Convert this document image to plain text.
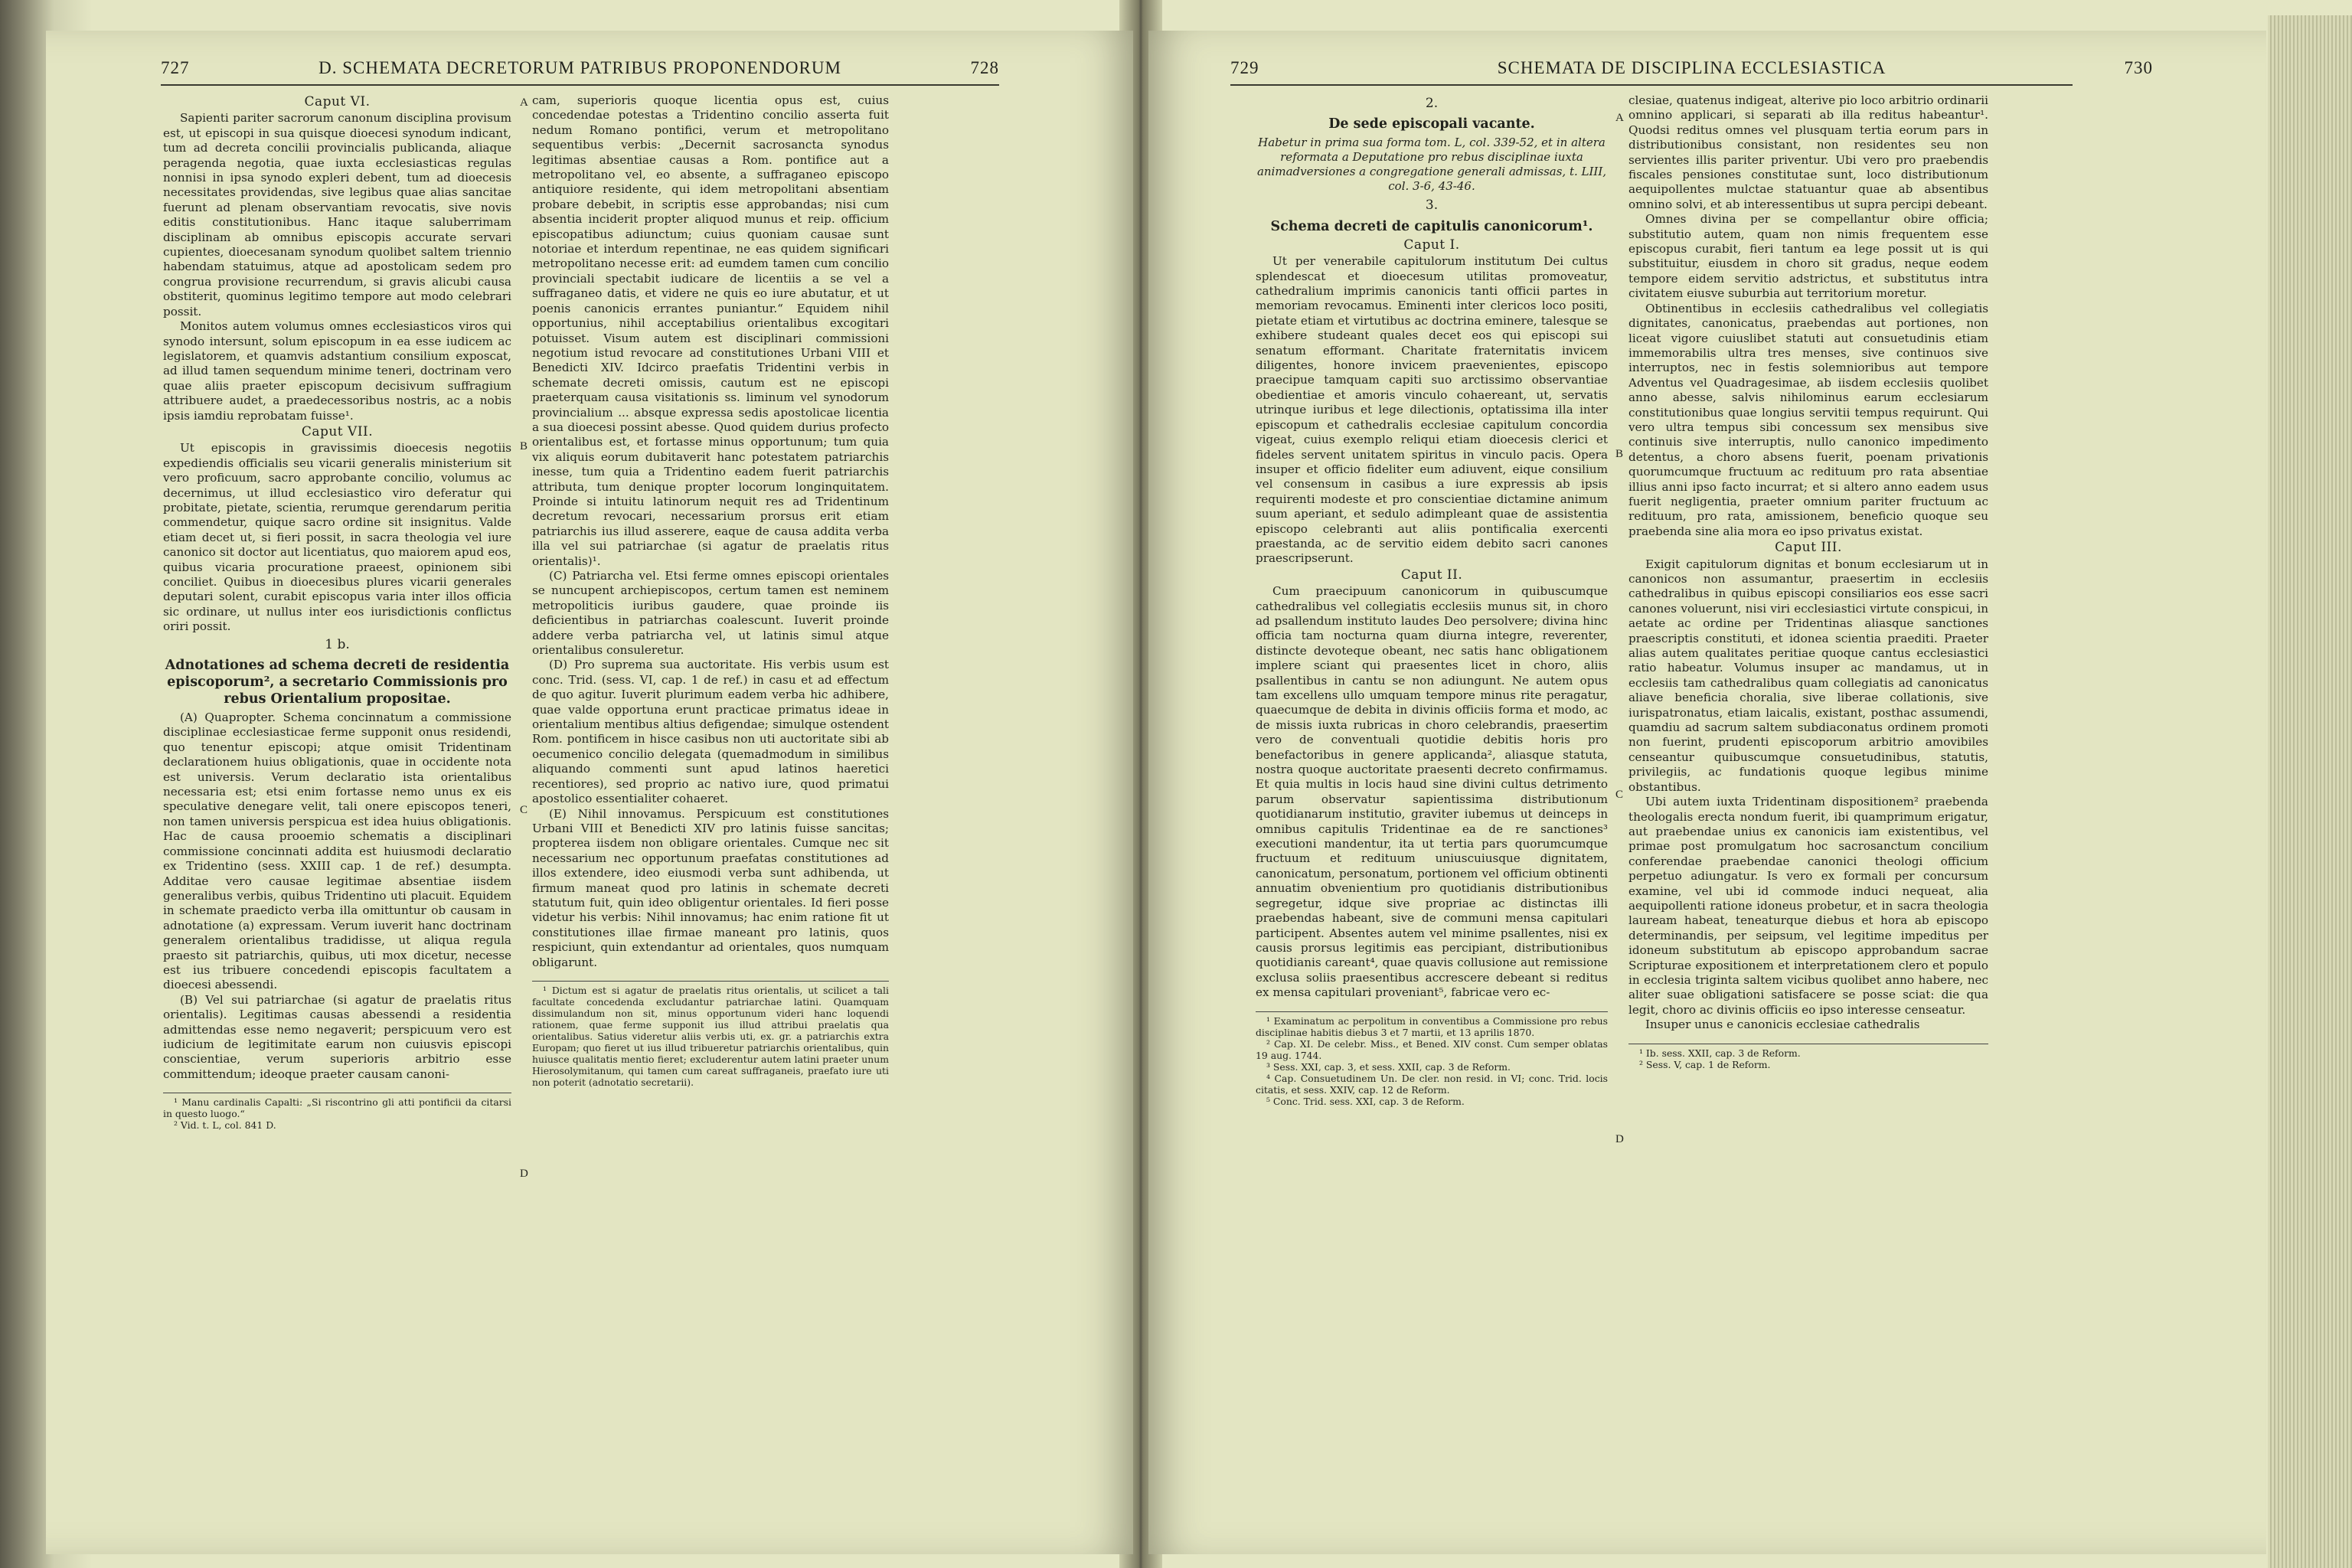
727	D. SCHEMATA DECRETORUM PATRIBUS PROPONENDORUM	728

Caput VI.

Sapienti pariter sacrorum canonum disciplina provisum est, ut episcopi in sua quisque dioecesi synodum indicant, tum ad decreta concilii provincialis publicanda, aliaque peragenda negotia, quae iuxta ecclesiasticas regulas nonnisi in ipsa synodo expleri debent, tum ad dioecesis necessitates providendas, sive legibus quae alias sancitae fuerunt ad plenam observantiam revocatis, sive novis editis constitutionibus. Hanc itaque saluberrimam disciplinam ab omnibus episcopis accurate servari cupientes, dioecesanam synodum quolibet saltem triennio habendam statuimus, atque ad apostolicam sedem pro congrua provisione recurrendum, si gravis alicubi causa obstiterit, quominus legitimo tempore aut modo celebrari possit.

Monitos autem volumus omnes ecclesiasticos viros qui synodo intersunt, solum episcopum in ea esse iudicem ac legislatorem, et quamvis adstantium consilium exposcat, ad illud tamen sequendum minime teneri, doctrinam vero quae aliis praeter episcopum decisivum suffragium attribuere audet, a praedecessoribus nostris, ac a nobis ipsis iamdiu reprobatam fuisse¹.

Caput VII.

Ut episcopis in gravissimis dioecesis negotiis expediendis officialis seu vicarii generalis ministerium sit vero proficuum, sacro approbante concilio, volumus ac decernimus, ut illud ecclesiastico viro deferatur qui probitate, pietate, scientia, rerumque gerendarum peritia commendetur, quique sacro ordine sit insignitus. Valde etiam decet ut, si fieri possit, in sacra theologia vel iure canonico sit doctor aut licentiatus, quo maiorem apud eos, quibus vicaria procuratione praeest, opinionem sibi conciliet. Quibus in dioecesibus plures vicarii generales deputari solent, curabit episcopus varia inter illos officia sic ordinare, ut nullus inter eos iurisdictionis conflictus oriri possit.

1 b.

Adnotationes ad schema decreti de residentia episcoporum², a secretario Commissionis pro rebus Orientalium propositae.

(A) Quapropter. Schema concinnatum a commissione disciplinae ecclesiasticae ferme supponit onus residendi, quo tenentur episcopi; atque omisit Tridentinam declarationem huius obligationis, quae in occidente nota est universis. Verum declaratio ista orientalibus necessaria est; etsi enim fortasse nemo unus ex eis speculative denegare velit, tali onere episcopos teneri, non tamen universis perspicua est idea huius obligationis. Hac de causa prooemio schematis a disciplinari commissione concinnati addita est huiusmodi declaratio ex Tridentino (sess. XXIII cap. 1 de ref.) desumpta. Additae vero causae legitimae absentiae iisdem generalibus verbis, quibus Tridentino uti placuit. Equidem in schemate praedicto verba illa omittuntur ob causam in adnotatione (a) expressam. Verum iuverit hanc doctrinam generalem orientalibus tradidisse, ut aliqua regula praesto sit patriarchis, quibus, uti mox dicetur, necesse est ius tribuere concedendi episcopis facultatem a dioecesi abessendi.

(B) Vel sui patriarchae (si agatur de praelatis ritus orientalis). Legitimas causas abessendi a residentia admittendas esse nemo negaverit; perspicuum vero est iudicium de legitimitate earum non cuiusvis episcopi conscientiae, verum superioris arbitrio esse committendum; ideoque praeter causam canoni-

¹ Manu cardinalis Capalti: „Si riscontrino gli atti pontificii da citarsi in questo luogo.“
² Vid. t. L, col. 841 D.

cam, superioris quoque licentia opus est, cuius concedendae potestas a Tridentino concilio asserta fuit nedum Romano pontifici, verum et metropolitano sequentibus verbis: „Decernit sacrosancta synodus legitimas absentiae causas a Rom. pontifice aut a metropolitano vel, eo absente, a suffraganeo episcopo antiquiore residente, qui idem metropolitani absentiam probare debebit, in scriptis esse approbandas; nisi cum absentia inciderit propter aliquod munus et reip. officium episcopatibus adiunctum; cuius quoniam causae sunt notoriae et interdum repentinae, ne eas quidem significari metropolitano necesse erit: ad eumdem tamen cum concilio provinciali spectabit iudicare de licentiis a se vel a suffraganeo datis, et videre ne quis eo iure abutatur, et ut poenis canonicis errantes puniantur.“ Equidem nihil opportunius, nihil acceptabilius orientalibus excogitari potuisset. Visum autem est disciplinari commissioni negotium istud revocare ad constitutiones Urbani VIII et Benedicti XIV. Idcirco praefatis Tridentini verbis in schemate decreti omissis, cautum est ne episcopi praeterquam causa visitationis ss. liminum vel synodorum provincialium ... absque expressa sedis apostolicae licentia a sua dioecesi possint abesse. Quod quidem durius profecto orientalibus est, et fortasse minus opportunum; tum quia vix aliquis eorum dubitaverit hanc potestatem patriarchis inesse, tum quia a Tridentino eadem fuerit patriarchis attributa, tum denique propter locorum longinquitatem. Proinde si intuitu latinorum nequit res ad Tridentinum decretum revocari, necessarium prorsus erit etiam patriarchis ius illud asserere, eaque de causa addita verba illa vel sui patriarchae (si agatur de praelatis ritus orientalis)¹.

(C) Patriarcha vel. Etsi ferme omnes episcopi orientales se nuncupent archiepiscopos, certum tamen est neminem metropoliticis iuribus gaudere, quae proinde iis deficientibus in patriarchas coalescunt. Iuverit proinde addere verba patriarcha vel, ut latinis simul atque orientalibus consuleretur.

(D) Pro suprema sua auctoritate. His verbis usum est conc. Trid. (sess. VI, cap. 1 de ref.) in casu et ad effectum de quo agitur. Iuverit plurimum eadem verba hic adhibere, quae valde opportuna erunt practicae primatus ideae in orientalium mentibus altius defigendae; simulque ostendent Rom. pontificem in hisce casibus non uti auctoritate sibi ab oecumenico concilio delegata (quemadmodum in similibus aliquando commenti sunt apud latinos haeretici recentiores), sed proprio ac nativo iure, quod primatui apostolico essentialiter cohaeret.

(E) Nihil innovamus. Perspicuum est constitutiones Urbani VIII et Benedicti XIV pro latinis fuisse sancitas; propterea iisdem non obligare orientales. Cumque nec sit necessarium nec opportunum praefatas constitutiones ad illos extendere, ideo eiusmodi verba sunt adhibenda, ut firmum maneat quod pro latinis in schemate decreti statutum fuit, quin ideo obligentur orientales. Id fieri posse videtur his verbis: Nihil innovamus; hac enim ratione fit ut constitutiones illae firmae maneant pro latinis, quos respiciunt, quin extendantur ad orientales, quos numquam obligarunt.

¹ Dictum est si agatur de praelatis ritus orientalis, ut scilicet a tali facultate concedenda excludantur patriarchae latini. Quamquam dissimulandum non sit, minus opportunum videri hanc loquendi rationem, quae ferme supponit ius illud attribui praelatis qua orientalibus. Satius videretur aliis verbis uti, ex. gr. a patriarchis extra Europam; quo fieret ut ius illud tribueretur patriarchis orientalibus, quin huiusce qualitatis mentio fieret; excluderentur autem latini praeter unum Hierosolymitanum, qui tamen cum careat suffraganeis, praefato iure uti non poterit (adnotatio secretarii).
A
B
C
D
729	SCHEMATA DE DISCIPLINA ECCLESIASTICA	730

2.

De sede episcopali vacante.

Habetur in prima sua forma tom. L, col. 339-52, et in altera reformata a Deputatione pro rebus disciplinae iuxta animadversiones a congregatione generali admissas, t. LIII, col. 3-6, 43-46.

3.

Schema decreti de capitulis canonicorum¹.

Caput I.

Ut per venerabile capitulorum institutum Dei cultus splendescat et dioecesum utilitas promoveatur, cathedralium imprimis canonicis tanti officii partes in memoriam revocamus. Eminenti inter clericos loco positi, pietate etiam et virtutibus ac doctrina eminere, talesque se exhibere studeant quales decet eos qui episcopi sui senatum efformant. Charitate fraternitatis invicem diligentes, honore invicem praevenientes, episcopo praecipue tamquam capiti suo arctissimo observantiae obedientiae et amoris vinculo cohaereant, ut, servatis utrinque iuribus et lege dilectionis, optatissima illa inter episcopum et cathedralis ecclesiae capitulum concordia vigeat, cuius exemplo reliqui etiam dioecesis clerici et fideles servent unitatem spiritus in vinculo pacis. Opera insuper et officio fideliter eum adiuvent, eique consilium vel consensum in casibus a iure expressis ab ipsis requirenti modeste et pro conscientiae dictamine animum suum aperiant, et sedulo adimpleant quae de assistentia episcopo celebranti aut aliis pontificalia exercenti praestanda, ac de servitio eidem debito sacri canones praescripserunt.

Caput II.

Cum praecipuum canonicorum in quibuscumque cathedralibus vel collegiatis ecclesiis munus sit, in choro ad psallendum instituto laudes Deo persolvere; divina hinc officia tam nocturna quam diurna integre, reverenter, distincte devoteque obeant, nec satis hanc obligationem implere sciant qui praesentes licet in choro, aliis psallentibus in cantu se non adiungunt. Ne autem opus tam excellens ullo umquam tempore minus rite peragatur, quaecumque de debita in divinis officiis forma et modo, ac de missis iuxta rubricas in choro celebrandis, praesertim vero de conventuali quotidie debitis horis pro benefactoribus in genere applicanda², aliasque statuta, nostra quoque auctoritate praesenti decreto confirmamus. Et quia multis in locis haud sine divini cultus detrimento parum observatur sapientissima distributionum quotidianarum institutio, graviter iubemus ut deinceps in omnibus capitulis Tridentinae ea de re sanctiones³ executioni mandentur, ita ut tertia pars quorumcumque fructuum et redituum uniuscuiusque dignitatem, canonicatum, personatum, portionem vel officium obtinenti annuatim obvenientium pro quotidianis distributionibus segregetur, idque sive propriae ac distinctas illi praebendas habeant, sive de communi mensa capitulari participent. Absentes autem vel minime psallentes, nisi ex causis prorsus legitimis eas percipiant, distributionibus quotidianis careant⁴, quae quavis collusione aut remissione exclusa soliis praesentibus accrescere debeant si reditus ex mensa capitulari proveniant⁵, fabricae vero ec-

¹ Examinatum ac perpolitum in conventibus a Commissione pro rebus disciplinae habitis diebus 3 et 7 martii, et 13 aprilis 1870.
² Cap. XI. De celebr. Miss., et Bened. XIV const. Cum semper oblatas 19 aug. 1744.
³ Sess. XXI, cap. 3, et sess. XXII, cap. 3 de Reform.
⁴ Cap. Consuetudinem Un. De cler. non resid. in VI; conc. Trid. locis citatis, et sess. XXIV, cap. 12 de Reform.
⁵ Conc. Trid. sess. XXI, cap. 3 de Reform.

clesiae, quatenus indigeat, alterive pio loco arbitrio ordinarii omnino applicari, si separati ab illa reditus habeantur¹. Quodsi reditus omnes vel plusquam tertia eorum pars in distributionibus consistant, non residentes seu non servientes illis pariter priventur. Ubi vero pro praebendis fiscales pensiones constitutae sunt, loco distributionum aequipollentes mulctae statuantur quae ab absentibus omnino solvi, et ab interessentibus ut supra percipi debeant.

Omnes divina per se compellantur obire officia; substitutio autem, quam non nimis frequentem esse episcopus curabit, fieri tantum ea lege possit ut is qui substituitur, eiusdem in choro sit gradus, neque eodem tempore eidem servitio adstrictus, et substitutus intra civitatem eiusve suburbia aut territorium moretur.

Obtinentibus in ecclesiis cathedralibus vel collegiatis dignitates, canonicatus, praebendas aut portiones, non liceat vigore cuiuslibet statuti aut consuetudinis etiam immemorabilis ultra tres menses, sive continuos sive interruptos, nec in festis solemnioribus aut tempore Adventus vel Quadragesimae, ab iisdem ecclesiis quolibet anno abesse, salvis nihilominus earum ecclesiarum constitutionibus quae longius servitii tempus requirunt. Qui vero ultra tempus sibi concessum sex mensibus sive continuis sive interruptis, nullo canonico impedimento detentus, a choro absens fuerit, poenam privationis quorumcumque fructuum ac redituum pro rata absentiae illius anni ipso facto incurrat; et si altero anno eadem usus fuerit negligentia, praeter omnium pariter fructuum ac redituum, pro rata, amissionem, beneficio quoque seu praebenda sine alia mora eo ipso privatus existat.

Caput III.

Exigit capitulorum dignitas et bonum ecclesiarum ut in canonicos non assumantur, praesertim in ecclesiis cathedralibus in quibus episcopi consiliarios eos esse sacri canones voluerunt, nisi viri ecclesiastici virtute conspicui, in aetate ac ordine per Tridentinas aliasque sanctiones praescriptis constituti, et idonea scientia praediti. Praeter alias autem qualitates peritiae quoque cantus ecclesiastici ratio habeatur. Volumus insuper ac mandamus, ut in ecclesiis tam cathedralibus quam collegiatis ad canonicatus aliave beneficia choralia, sive liberae collationis, sive iurispatronatus, etiam laicalis, existant, posthac assumendi, quamdiu ad sacrum saltem subdiaconatus ordinem promoti non fuerint, prudenti episcoporum arbitrio amovibiles censeantur quibuscumque consuetudinibus, statutis, privilegiis, ac fundationis quoque legibus minime obstantibus.

Ubi autem iuxta Tridentinam dispositionem² praebenda theologalis erecta nondum fuerit, ibi quamprimum erigatur, aut praebendae unius ex canonicis iam existentibus, vel primae post promulgatum hoc sacrosanctum concilium conferendae praebendae canonici theologi officium perpetuo adiungatur. Is vero ex formali per concursum examine, vel ubi id commode induci nequeat, alia aequipollenti ratione idoneus probetur, et in sacra theologia lauream habeat, teneaturque diebus et hora ab episcopo determinandis, per seipsum, vel legitime impeditus per idoneum substitutum ab episcopo approbandum sacrae Scripturae expositionem et interpretationem clero et populo in ecclesia triginta saltem vicibus quolibet anno habere, nec aliter suae obligationi satisfacere se posse sciat: die qua legit, choro ac divinis officiis eo ipso interesse censeatur.

Insuper unus e canonicis ecclesiae cathedralis

¹ Ib. sess. XXII, cap. 3 de Reform.
² Sess. V, cap. 1 de Reform.
A
B
C
D
